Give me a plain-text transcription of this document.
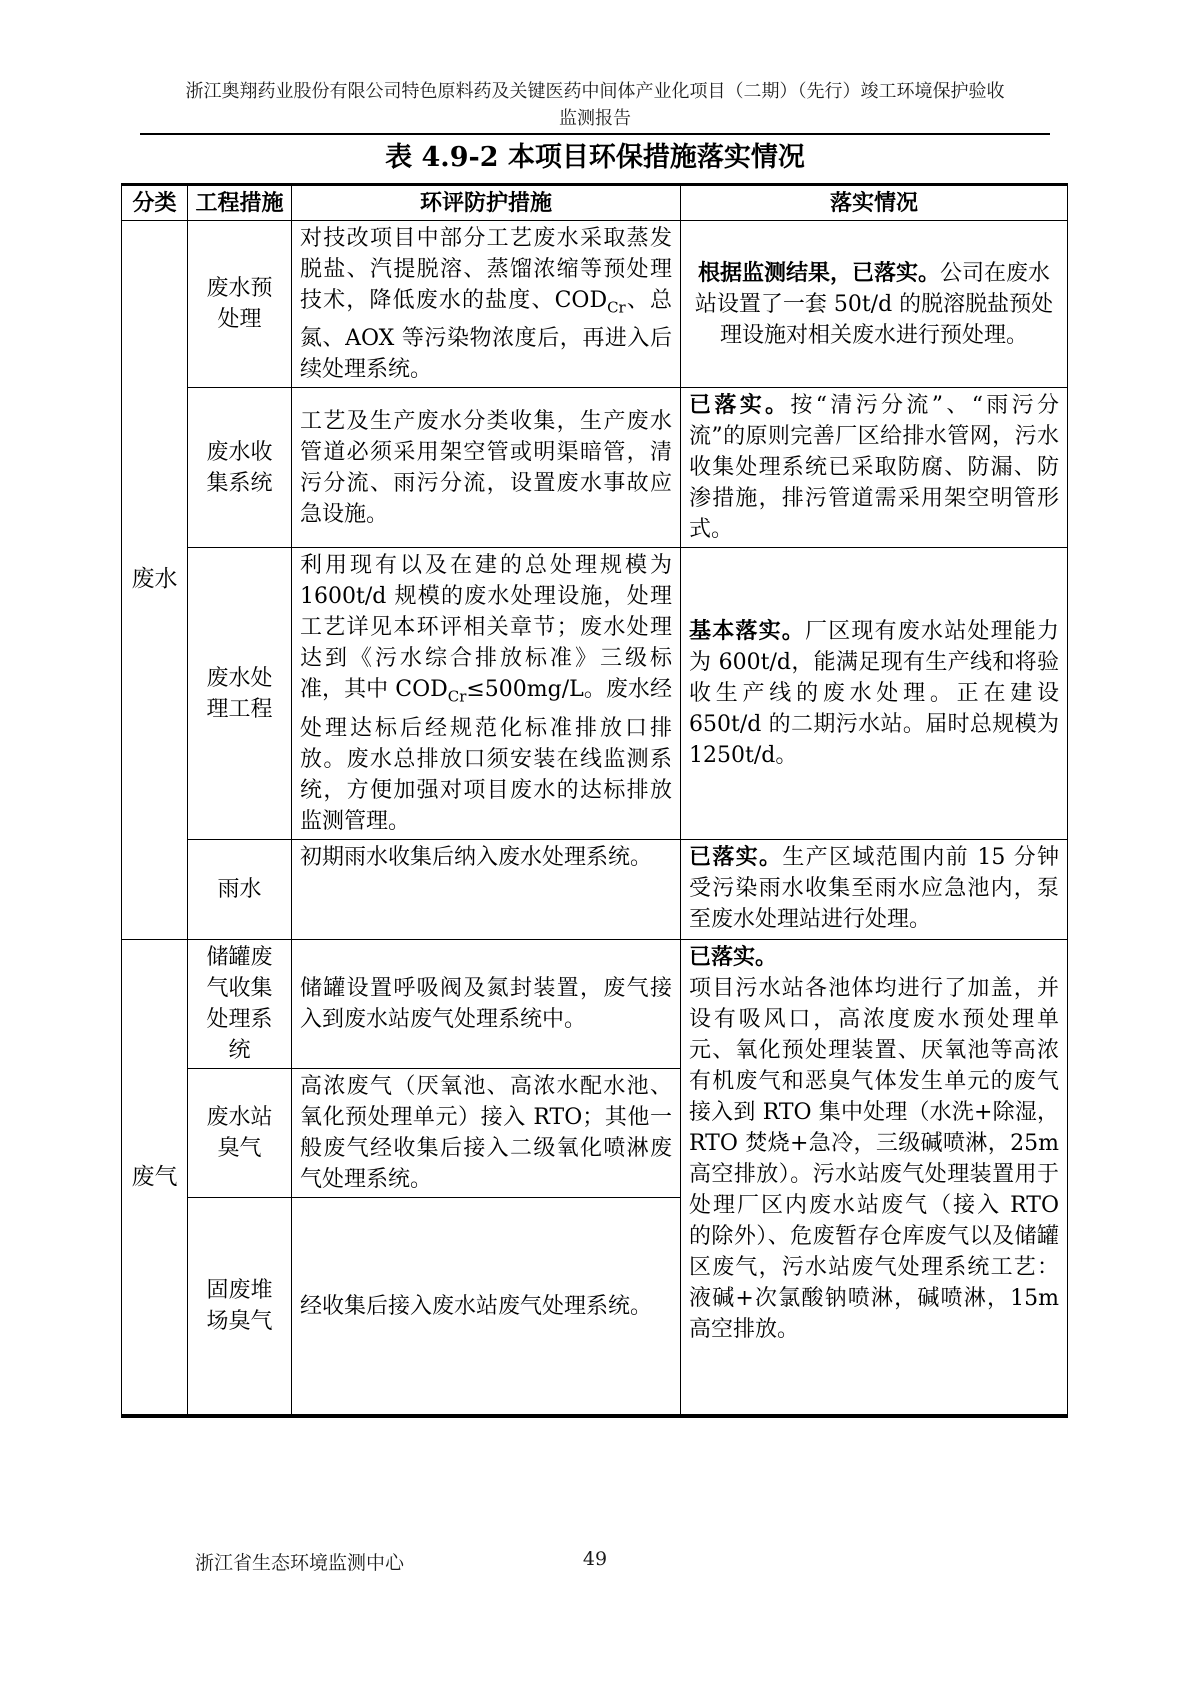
浙江奥翔药业股份有限公司特色原料药及关键医药中间体产业化项目（二期）（先行）竣工环境保护验收
监测报告
表 4.9-2 本项目环保措施落实情况
分类	工程措施	环评防护措施	落实情况
废水	废水预处理	对技改项目中部分工艺废水采取蒸发脱盐、汽提脱溶、蒸馏浓缩等预处理技术，降低废水的盐度、$COD_{Cr}$、总氮、AOX 等污染物浓度后，再进入后续处理系统。	根据监测结果，已落实。公司在废水站设置了一套 50t/d 的脱溶脱盐预处理设施对相关废水进行预处理。
	废水收集系统	工艺及生产废水分类收集，生产废水管道必须采用架空管或明渠暗管，清污分流、雨污分流，设置废水事故应急设施。	已落实。按“清污分流”、“雨污分流”的原则完善厂区给排水管网，污水收集处理系统已采取防腐、防漏、防渗措施，排污管道需采用架空明管形式。
	废水处理工程	利用现有以及在建的总处理规模为 1600t/d 规模的废水处理设施，处理工艺详见本环评相关章节；废水处理达到《污水综合排放标准》三级标准，其中 $COD_{Cr}\le 500mg/L$。废水经处理达标后经规范化标准排放口排放。废水总排放口须安装在线监测系统，方便加强对项目废水的达标排放监测管理。	基本落实。厂区现有废水站处理能力为 600t/d，能满足现有生产线和将验收生产线的废水处理。正在建设 650t/d 的二期污水站。届时总规模为 1250t/d。
	雨水	初期雨水收集后纳入废水处理系统。	已落实。生产区域范围内前 15 分钟受污染雨水收集至雨水应急池内，泵至废水处理站进行处理。
废气	储罐废气收集处理系统	储罐设置呼吸阀及氮封装置，废气接入到废水站废气处理系统中。	已落实。
项目污水站各池体均进行了加盖，并设有吸风口，高浓度废水预处理单元、氧化预处理装置、厌氧池等高浓有机废气和恶臭气体发生单元的废气接入到 RTO 集中处理（水洗+除湿，RTO 焚烧+急冷，三级碱喷淋，25m 高空排放）。污水站废气处理装置用于处理厂区内废水站废气（接入 RTO 的除外）、危废暂存仓库废气以及储罐区废气，污水站废气处理系统工艺：液碱+次氯酸钠喷淋，碱喷淋，15m 高空排放。
	废水站臭气	高浓废气（厌氧池、高浓水配水池、氧化预处理单元）接入 RTO；其他一般废气经收集后接入二级氧化喷淋废气处理系统。	
	固废堆场臭气	经收集后接入废水站废气处理系统。	
浙江省生态环境监测中心	49
